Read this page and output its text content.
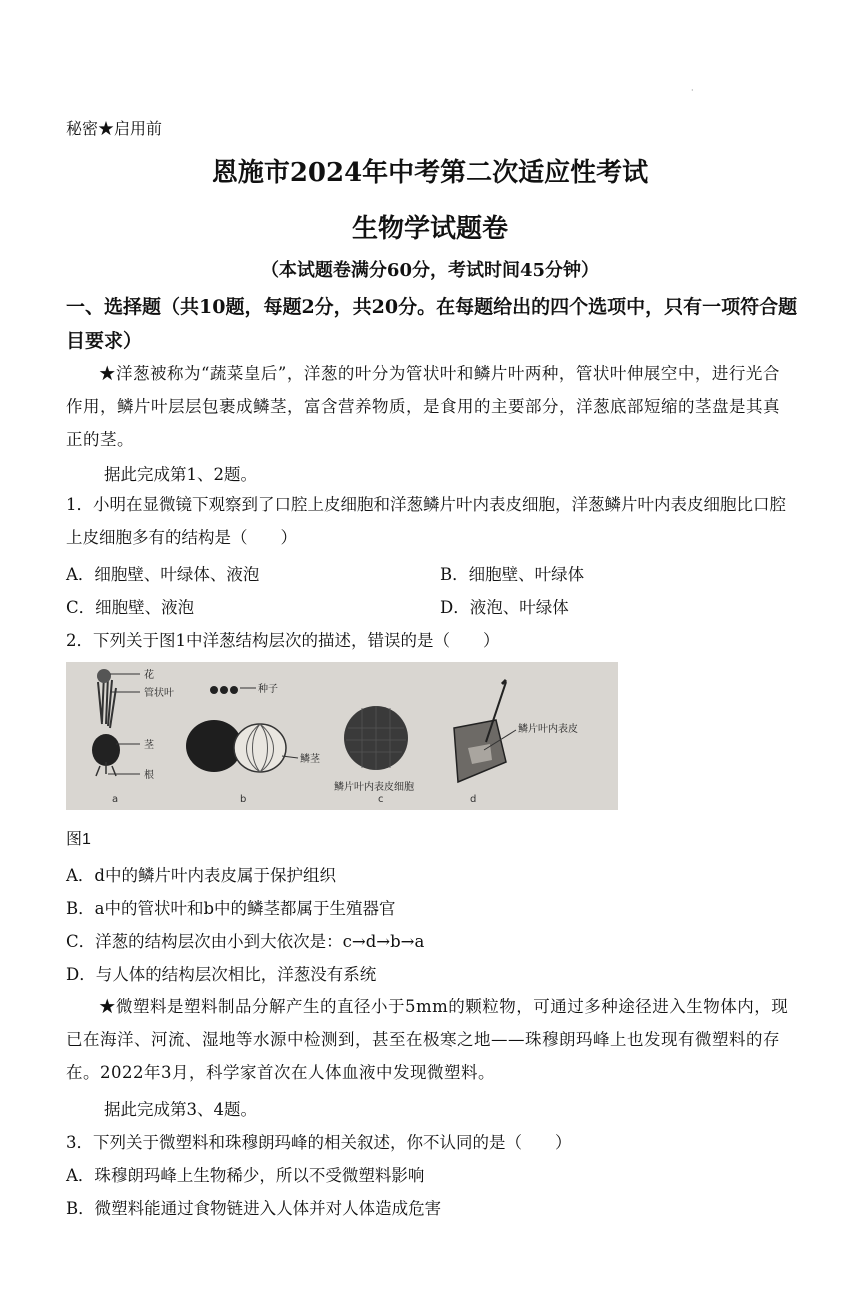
·
秘密★启用前
恩施市2024年中考第二次适应性考试
生物学试题卷
（本试题卷满分60分，考试时间45分钟）
一、选择题（共10题，每题2分，共20分。在每题给出的四个选项中，只有一项符合题目要求）
★洋葱被称为“蔬菜皇后”，洋葱的叶分为管状叶和鳞片叶两种，管状叶伸展空中，进行光合作用，鳞片叶层层包裹成鳞茎，富含营养物质，是食用的主要部分，洋葱底部短缩的茎盘是其真正的茎。
据此完成第1、2题。
1．小明在显微镜下观察到了口腔上皮细胞和洋葱鳞片叶内表皮细胞，洋葱鳞片叶内表皮细胞比口腔上皮细胞多有的结构是（　　）
A．细胞壁、叶绿体、液泡	B．细胞壁、叶绿体
C．细胞壁、液泡	D．液泡、叶绿体
2．下列关于图1中洋葱结构层次的描述，错误的是（　　）
花
管状叶
茎
根
a
种子
鳞茎
b
鳞片叶内表皮细胞
c
鳞片叶内表皮
d
图1
A．d中的鳞片叶内表皮属于保护组织
B．a中的管状叶和b中的鳞茎都属于生殖器官
C．洋葱的结构层次由小到大依次是：c→d→b→a
D．与人体的结构层次相比，洋葱没有系统
★微塑料是塑料制品分解产生的直径小于5mm的颗粒物，可通过多种途径进入生物体内，现已在海洋、河流、湿地等水源中检测到，甚至在极寒之地——珠穆朗玛峰上也发现有微塑料的存在。2022年3月，科学家首次在人体血液中发现微塑料。
据此完成第3、4题。
3．下列关于微塑料和珠穆朗玛峰的相关叙述，你不认同的是（　　）
A．珠穆朗玛峰上生物稀少，所以不受微塑料影响
B．微塑料能通过食物链进入人体并对人体造成危害
